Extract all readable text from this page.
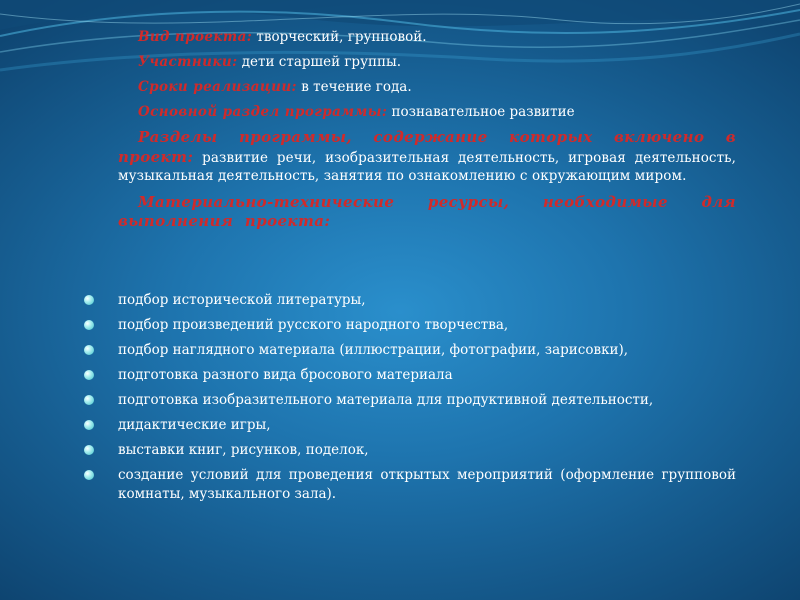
Вид проекта: творческий, групповой.
Участники: дети старшей группы.
Сроки реализации: в течение года.
Основной раздел программы: познавательное развитие
Разделы программы, содержание которых включено в проект: развитие речи, изобразительная деятельность, игровая деятельность, музыкальная деятельность, занятия по ознакомлению с окружающим миром.
Материально-технические ресурсы, необходимые для выполнения проекта:
подбор исторической литературы,
подбор произведений русского народного творчества,
подбор наглядного материала (иллюстрации, фотографии, зарисовки),
подготовка разного вида бросового материала
подготовка изобразительного материала для продуктивной деятельности,
дидактические игры,
выставки книг, рисунков, поделок,
создание условий для проведения открытых мероприятий (оформление групповой комнаты, музыкального зала).
